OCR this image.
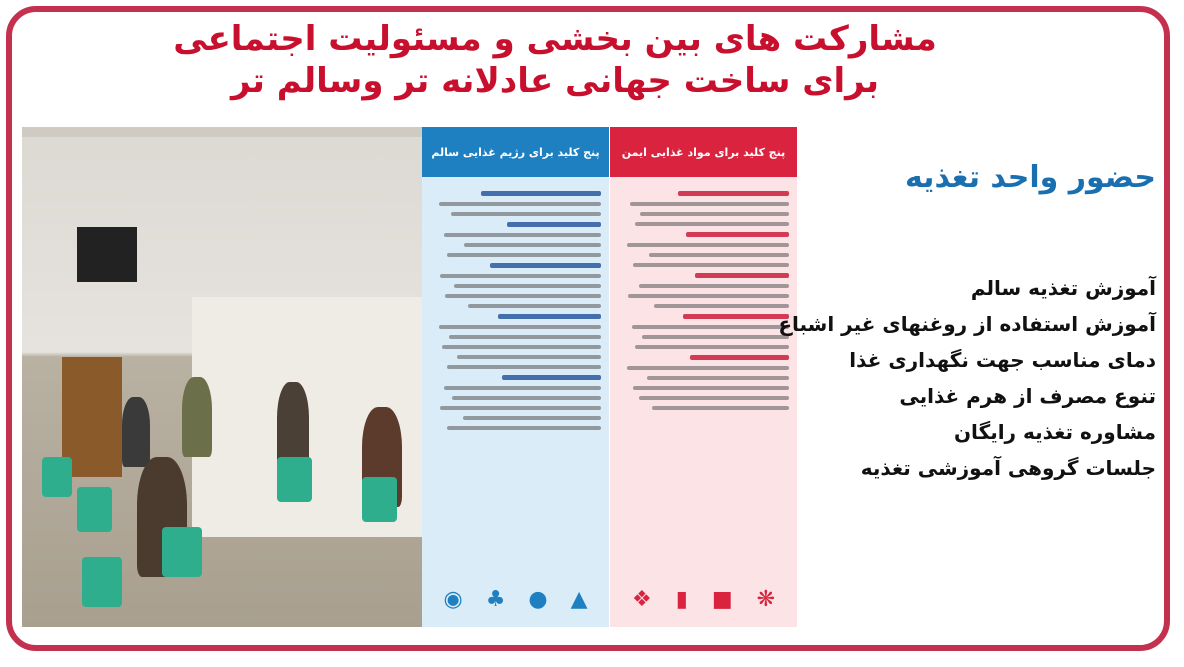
مشارکت های بین بخشی و مسئولیت اجتماعی
برای ساخت جهانی عادلانه تر وسالم تر
پنج کلید برای رژیم غذایی سالم
▲
●
♣
◉
پنج کلید برای مواد غذایی ایمن
❋
■
▮
❖
حضور واحد تغذیه
آموزش تغذیه سالم
آموزش استفاده از روغنهای غیر اشباع
دمای مناسب جهت نگهداری غذا
تنوع مصرف از هرم غذایی
مشاوره تغذیه رایگان
جلسات گروهی آموزشی تغذیه
